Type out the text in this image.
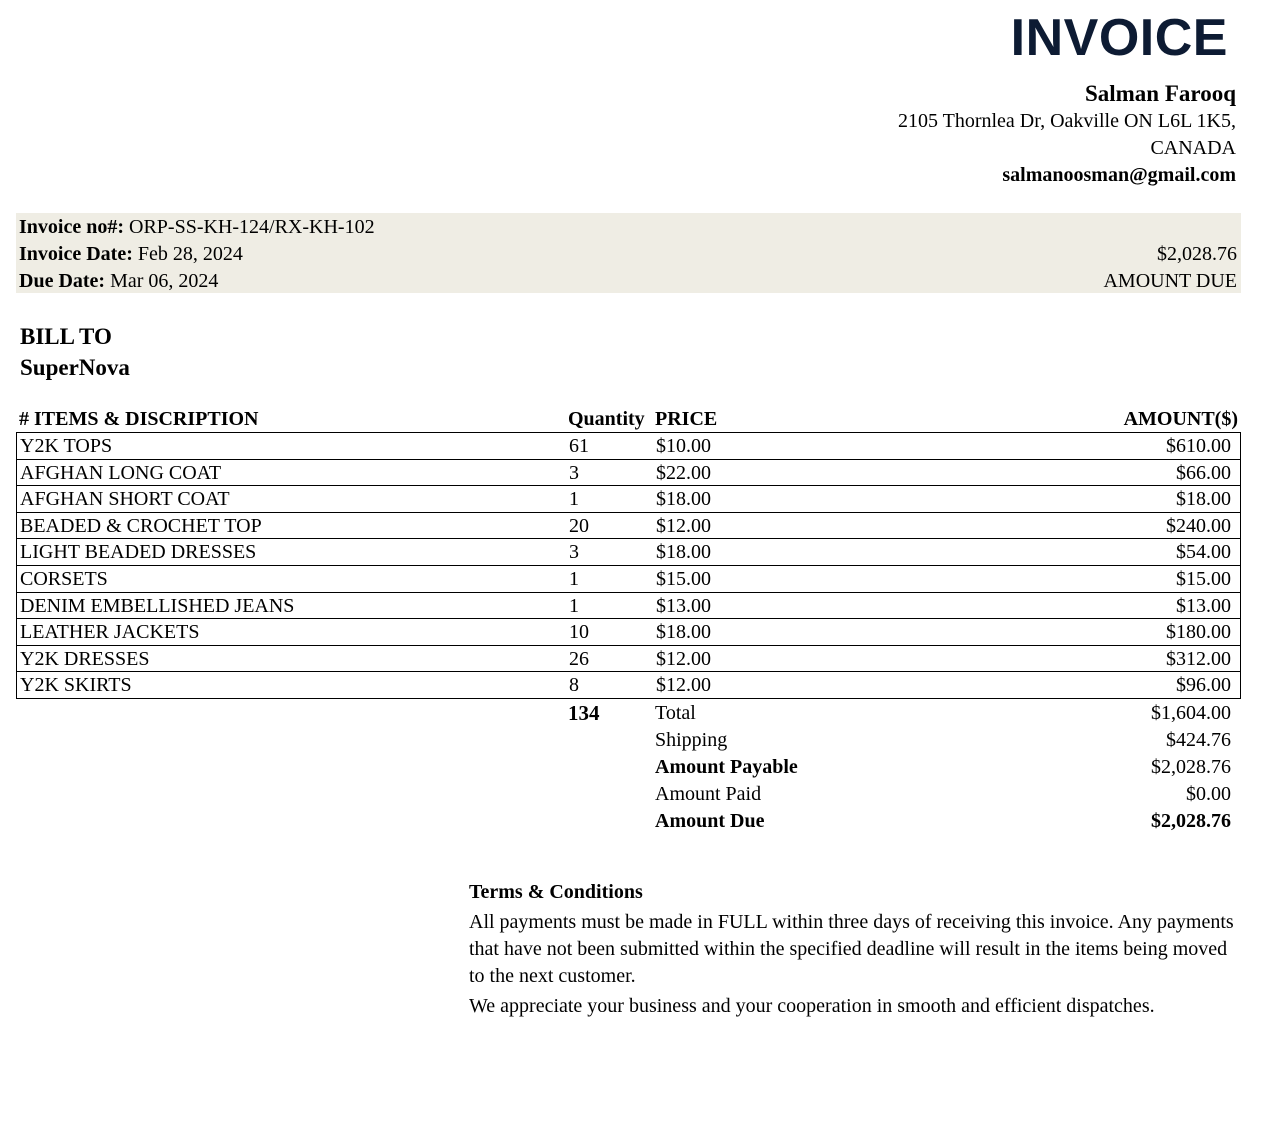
INVOICE
Salman Farooq
2105 Thornlea Dr, Oakville ON L6L 1K5,
CANADA
salmanoosman@gmail.com
Invoice no#: ORP-SS-KH-124/RX-KH-102
Invoice Date: Feb 28, 2024
Due Date: Mar 06, 2024
$2,028.76
AMOUNT DUE
BILL TO
SuperNova
# ITEMS & DISCRIPTION	Quantity PRICE	AMOUNT($)
Y2K TOPS	61	$10.00	$610.00
AFGHAN LONG COAT	3	$22.00	$66.00
AFGHAN SHORT COAT	1	$18.00	$18.00
BEADED & CROCHET TOP	20	$12.00	$240.00
LIGHT BEADED DRESSES	3	$18.00	$54.00
CORSETS	1	$15.00	$15.00
DENIM EMBELLISHED JEANS	1	$13.00	$13.00
LEATHER JACKETS	10	$18.00	$180.00
Y2K DRESSES	26	$12.00	$312.00
Y2K SKIRTS	8	$12.00	$96.00
134	Total	$1,604.00
Shipping	$424.76
Amount Payable	$2,028.76
Amount Paid	$0.00
Amount Due	$2,028.76
Terms & Conditions

All payments must be made in FULL within three days of receiving this invoice. Any payments that have not been submitted within the specified deadline will result in the items being moved to the next customer.

We appreciate your business and your cooperation in smooth and efficient dispatches.
